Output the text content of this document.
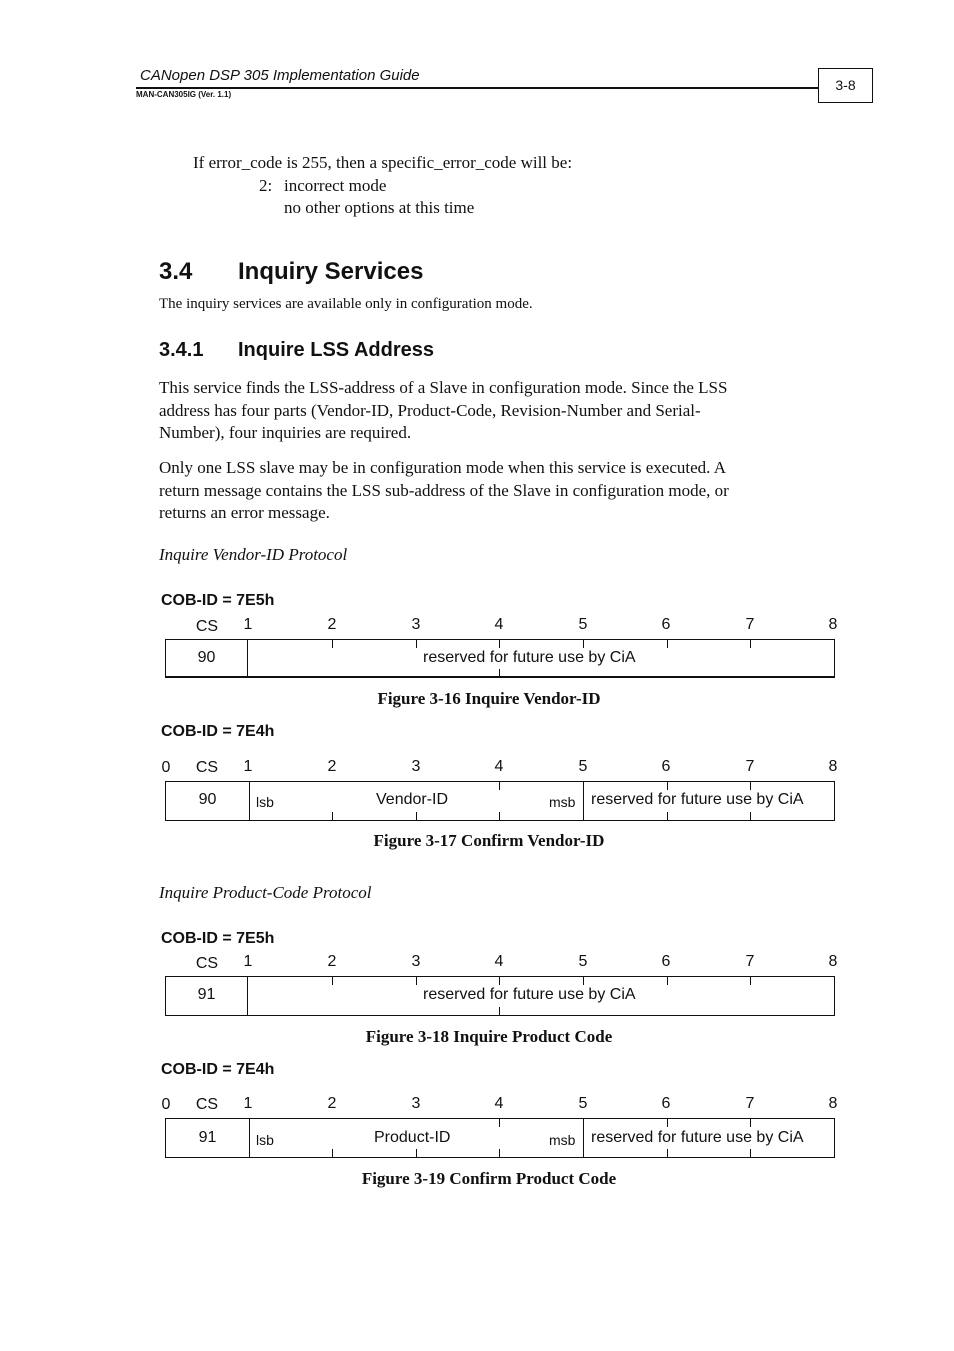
CANopen DSP 305 Implementation Guide
MAN-CAN305IG (Ver. 1.1)
3-8
If error_code is 255, then a specific_error_code will be:
2: incorrect mode
no other options at this time
3.4 Inquiry Services
The inquiry services are available only in configuration mode.
3.4.1 Inquire LSS Address
This service finds the LSS-address of a Slave in configuration mode. Since the LSS
address has four parts (Vendor-ID, Product-Code, Revision-Number and Serial-
Number), four inquiries are required.
Only one LSS slave may be in configuration mode when this service is executed. A
return message contains the LSS sub-address of the Slave in configuration mode, or
returns an error message.
Inquire Vendor-ID Protocol
COB-ID = 7E5h
CS	1	2	3	4	5	6	7	8
90	reserved for future use by CiA
Figure 3-16 Inquire Vendor-ID
COB-ID = 7E4h
0	CS	1	2	3	4	5	6	7	8
90	lsb	Vendor-ID	msb reserved for future use by CiA
Figure 3-17 Confirm Vendor-ID
Inquire Product-Code Protocol
COB-ID = 7E5h
CS	1	2	3	4	5	6	7	8
91	reserved for future use by CiA
Figure 3-18 Inquire Product Code
COB-ID = 7E4h
0	CS	1	2	3	4	5	6	7	8
91	lsb	Product-ID	msb reserved for future use by CiA
Figure 3-19 Confirm Product Code
